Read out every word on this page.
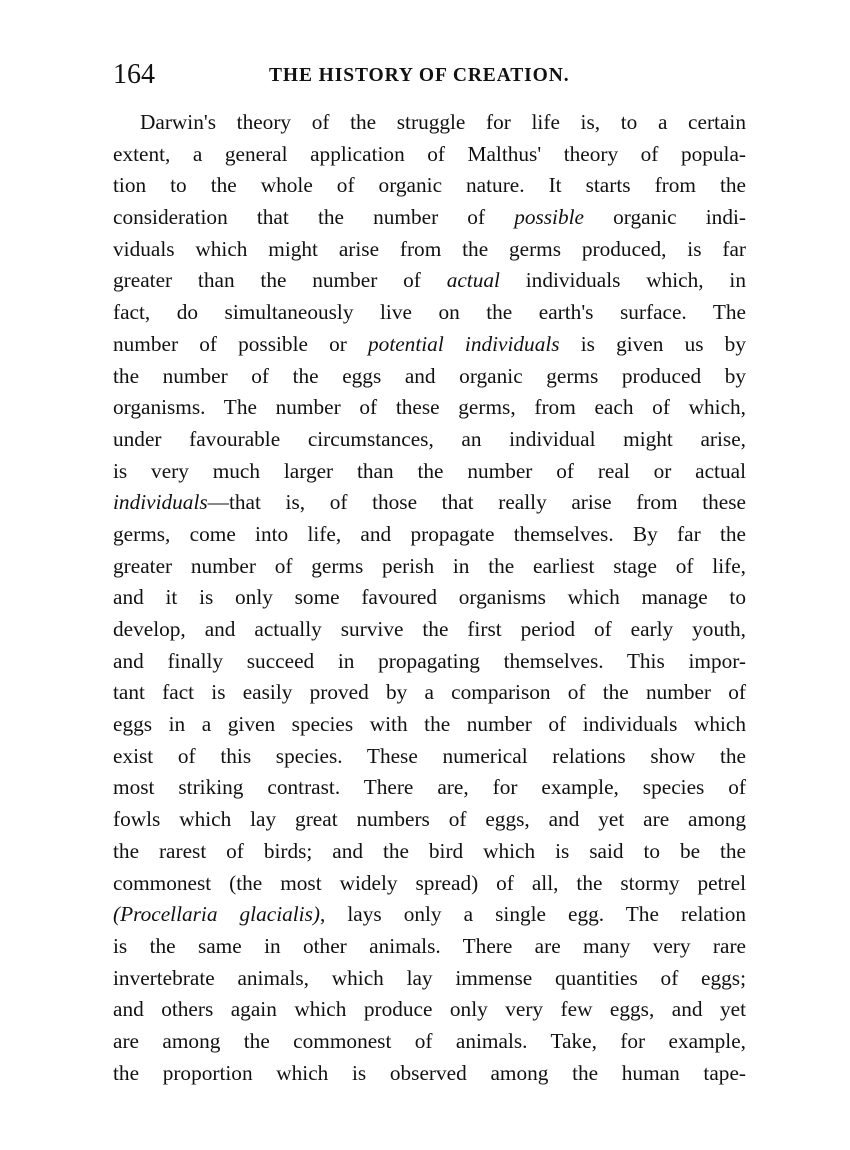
164	THE HISTORY OF CREATION.
Darwin's theory of the struggle for life is, to a certain
extent, a general application of Malthus' theory of popula-
tion to the whole of organic nature. It starts from the
consideration that the number of possible organic indi-
viduals which might arise from the germs produced, is far
greater than the number of actual individuals which, in
fact, do simultaneously live on the earth's surface. The
number of possible or potential individuals is given us by
the number of the eggs and organic germs produced by
organisms. The number of these germs, from each of which,
under favourable circumstances, an individual might arise,
is very much larger than the number of real or actual
individuals—that is, of those that really arise from these
germs, come into life, and propagate themselves. By far the
greater number of germs perish in the earliest stage of life,
and it is only some favoured organisms which manage to
develop, and actually survive the first period of early youth,
and finally succeed in propagating themselves. This impor-
tant fact is easily proved by a comparison of the number of
eggs in a given species with the number of individuals which
exist of this species. These numerical relations show the
most striking contrast. There are, for example, species of
fowls which lay great numbers of eggs, and yet are among
the rarest of birds; and the bird which is said to be the
commonest (the most widely spread) of all, the stormy petrel
(Procellaria glacialis), lays only a single egg. The relation
is the same in other animals. There are many very rare
invertebrate animals, which lay immense quantities of eggs;
and others again which produce only very few eggs, and yet
are among the commonest of animals. Take, for example,
the proportion which is observed among the human tape-
